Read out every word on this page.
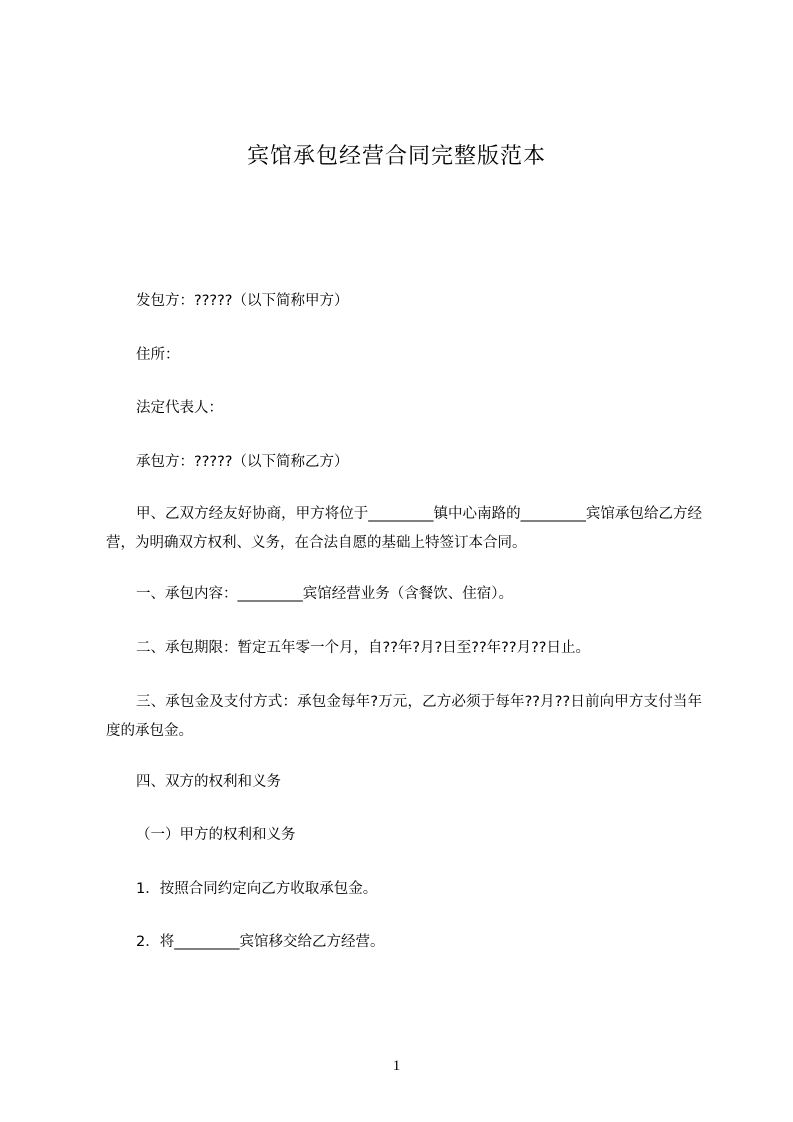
宾馆承包经营合同完整版范本
发包方：?????（以下简称甲方）
住所：
法定代表人：
承包方：?????（以下简称乙方）
甲、乙双方经友好协商，甲方将位于_________镇中心南路的_________宾馆承包给乙方经营，为明确双方权利、义务，在合法自愿的基础上特签订本合同。
一、承包内容：_________宾馆经营业务（含餐饮、住宿）。
二、承包期限：暂定五年零一个月，自??年?月?日至??年??月??日止。
三、承包金及支付方式：承包金每年?万元，乙方必须于每年??月??日前向甲方支付当年度的承包金。
四、双方的权利和义务
（一）甲方的权利和义务
1．按照合同约定向乙方收取承包金。
2．将_________宾馆移交给乙方经营。
1
